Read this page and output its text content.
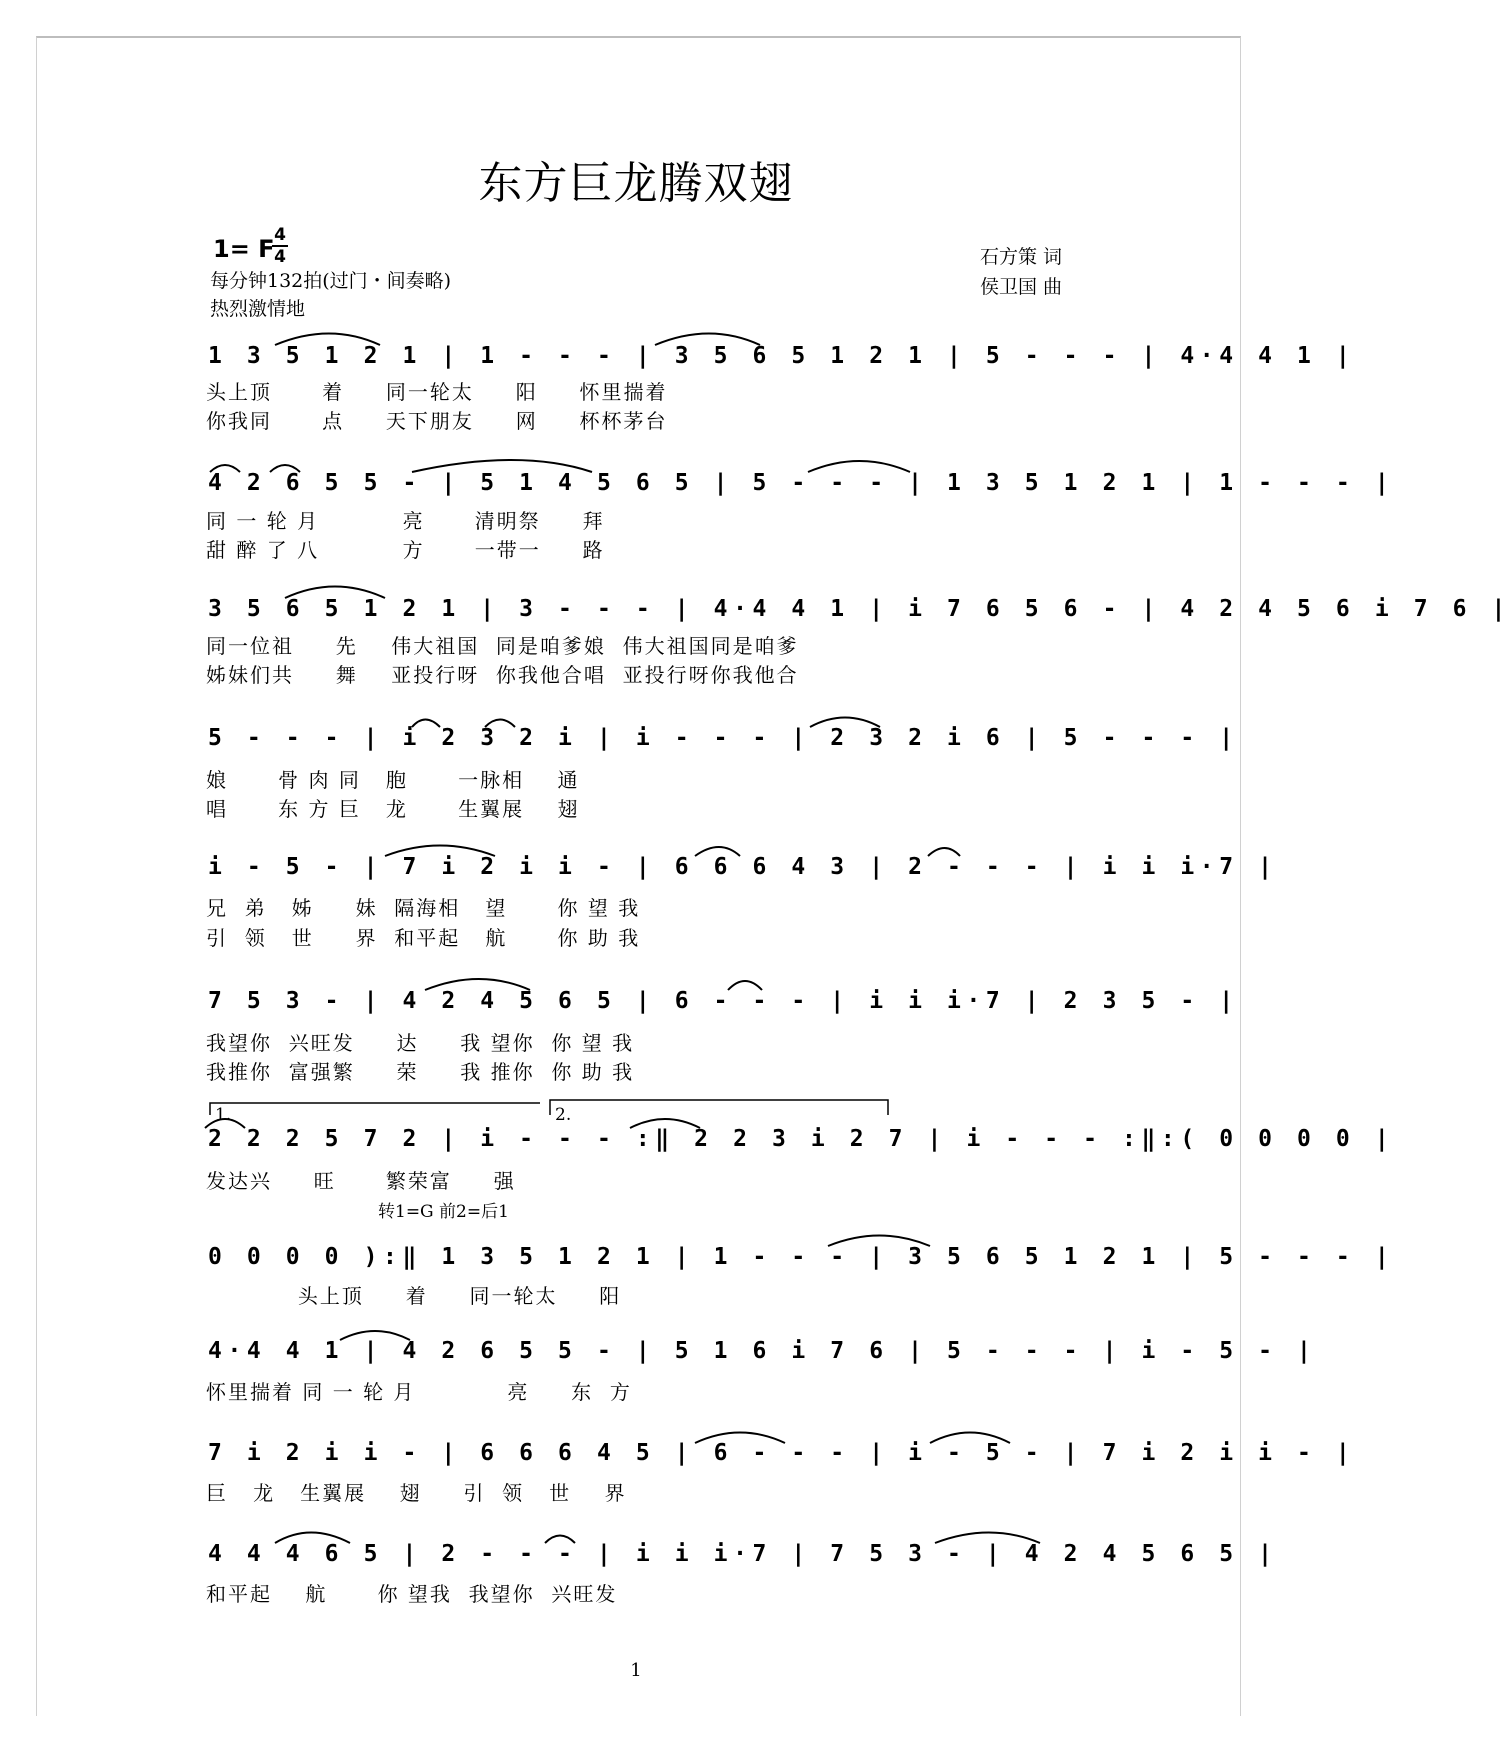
东方巨龙腾双翅
1= F 4
4
每分钟132拍(过门・间奏略)
热烈激情地
石方策 词
侯卫国 曲
1 3 5 1 2 1 | 1 - - - | 3 5 6 5 1 2 1 | 5 - - - | 4·4 4 1 |
头上顶      着     同一轮太     阳     怀里揣着
你我同      点     天下朋友     网     杯杯茅台
4 2 6 5 5 - | 5 1 4 5 6 5 | 5 - - - | 1 3 5 1 2 1 | 1 - - - |
同 一 轮 月          亮      清明祭     拜
甜 醉 了 八          方      一带一     路
3 5 6 5 1 2 1 | 3 - - - | 4·4 4 1 | i 7 6 5 6 - | 4 2 4 5 6 i 7 6 |
同一位祖     先    伟大祖国  同是咱爹娘  伟大祖国同是咱爹
姊妹们共     舞    亚投行呀  你我他合唱  亚投行呀你我他合
5 - - - | i 2 3 2 i | i - - - | 2 3 2 i 6 | 5 - - - |
娘      骨 肉 同   胞      一脉相    通
唱      东 方 巨   龙      生翼展    翅
i - 5 - | 7 i 2 i i - | 6 6 6 4 3 | 2 - - - | i i i·7 |
兄  弟   姊     妹  隔海相   望      你 望 我
引  领   世     界  和平起   航      你 助 我
7 5 3 - | 4 2 4 5 6 5 | 6 - - - | i i i·7 | 2 3 5 - |
我望你  兴旺发     达     我 望你  你 望 我
我推你  富强繁     荣     我 推你  你 助 我
1.	2.
2 2 2 5 7 2 | i - - - :‖ 2 2 3 i 2 7 | i - - - :‖:( 0 0 0 0 |
发达兴     旺      繁荣富     强
转1=G 前2=后1
0 0 0 0 ):‖ 1 3 5 1 2 1 | 1 - - - | 3 5 6 5 1 2 1 | 5 - - - |
头上顶     着     同一轮太     阳
4·4 4 1 | 4 2 6 5 5 - | 5 1 6 i 7 6 | 5 - - - | i - 5 - |
怀里揣着 同 一 轮 月           亮     东  方
7 i 2 i i - | 6 6 6 4 5 | 6 - - - | i - 5 - | 7 i 2 i i - |
巨   龙   生翼展    翅     引  领   世    界
4 4 4 6 5 | 2 - - - | i i i·7 | 7 5 3 - | 4 2 4 5 6 5 |
和平起    航      你 望我  我望你  兴旺发
1
